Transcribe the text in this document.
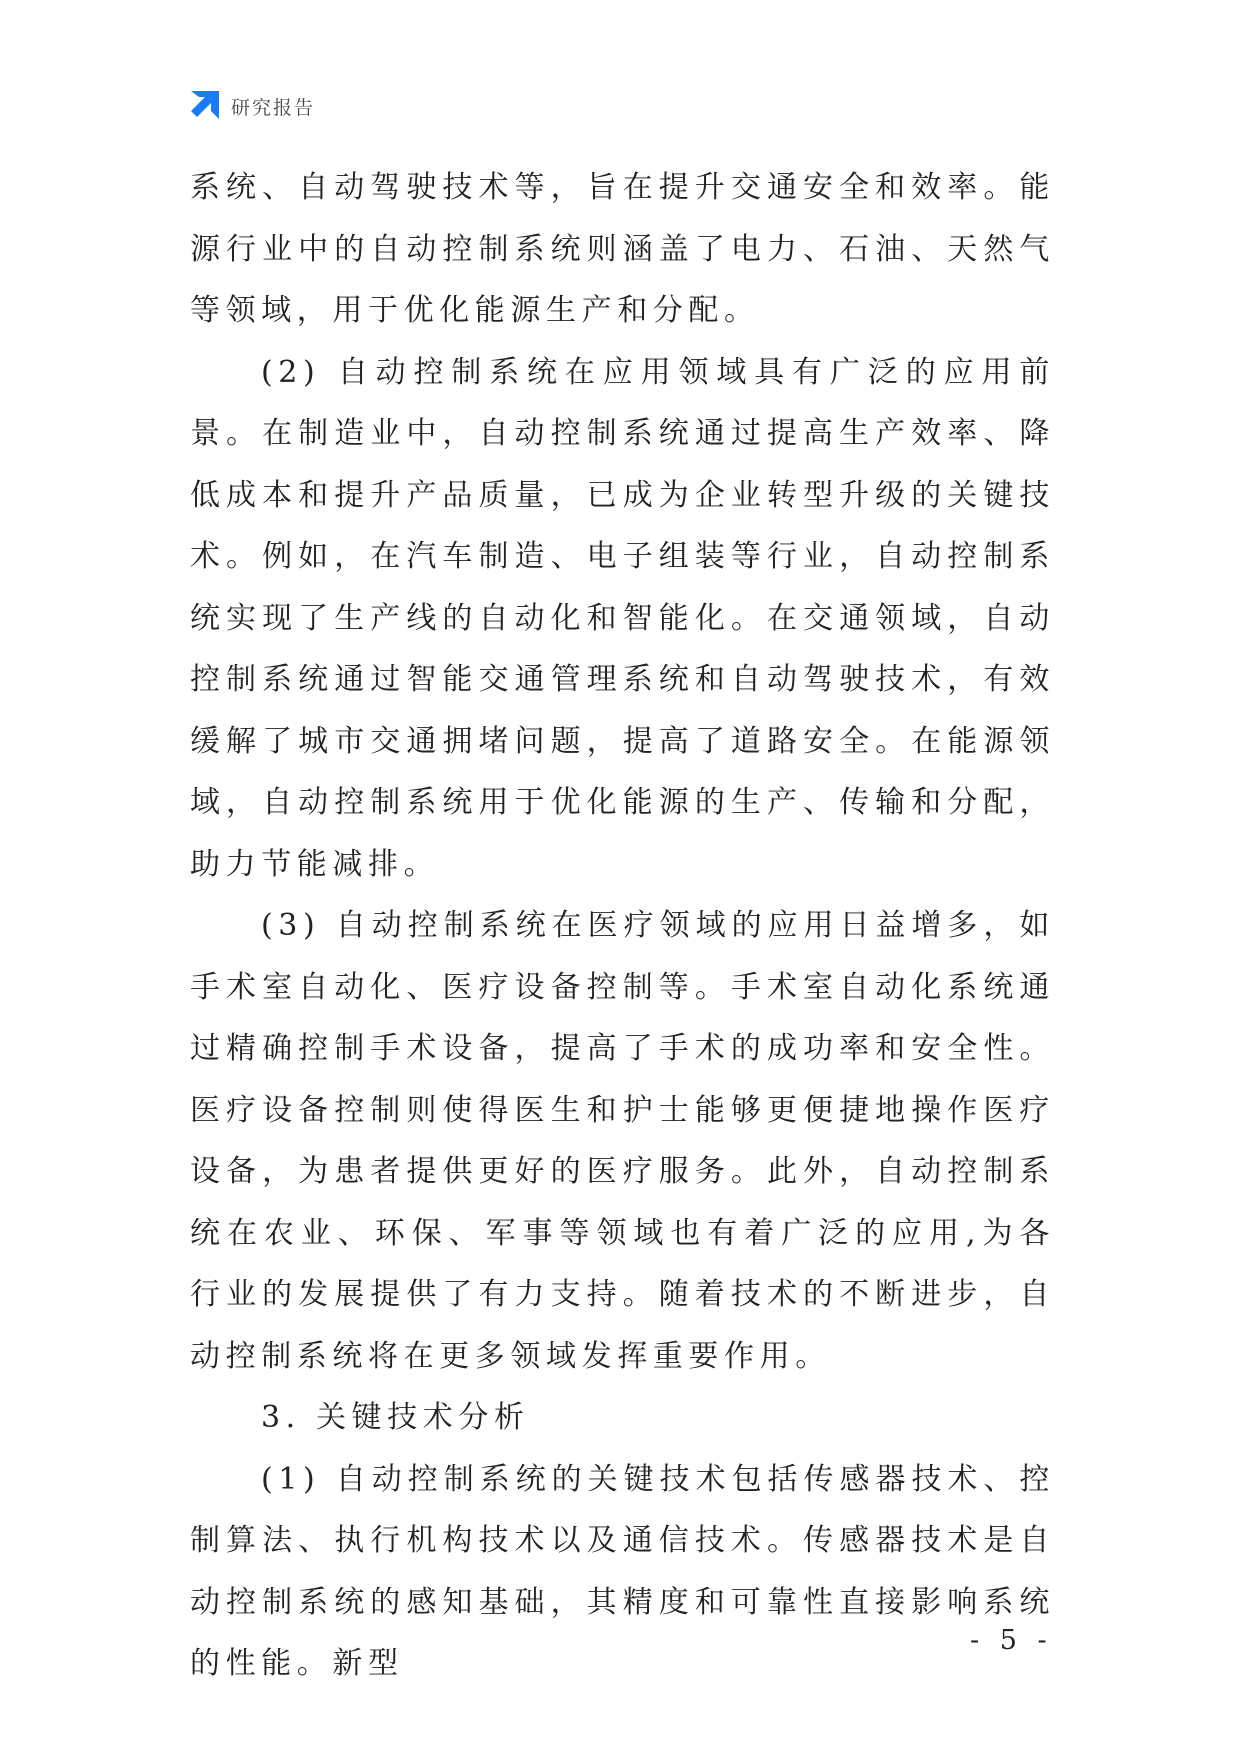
研究报告

系统、自动驾驶技术等，旨在提升交通安全和效率。能源行业中的自动控制系统则涵盖了电力、石油、天然气等领域，用于优化能源生产和分配。

(2) 自动控制系统在应用领域具有广泛的应用前景。在制造业中，自动控制系统通过提高生产效率、降低成本和提升产品质量，已成为企业转型升级的关键技术。例如，在汽车制造、电子组装等行业，自动控制系统实现了生产线的自动化和智能化。在交通领域，自动控制系统通过智能交通管理系统和自动驾驶技术，有效缓解了城市交通拥堵问题，提高了道路安全。在能源领域，自动控制系统用于优化能源的生产、传输和分配，助力节能减排。

(3) 自动控制系统在医疗领域的应用日益增多，如手术室自动化、医疗设备控制等。手术室自动化系统通过精确控制手术设备，提高了手术的成功率和安全性。医疗设备控制则使得医生和护士能够更便捷地操作医疗设备，为患者提供更好的医疗服务。此外，自动控制系统在农业、环保、军事等领域也有着广泛的应用,为各行业的发展提供了有力支持。随着技术的不断进步，自动控制系统将在更多领域发挥重要作用。

3. 关键技术分析

(1) 自动控制系统的关键技术包括传感器技术、控制算法、执行机构技术以及通信技术。传感器技术是自动控制系统的感知基础，其精度和可靠性直接影响系统的性能。新型

- 5 -
